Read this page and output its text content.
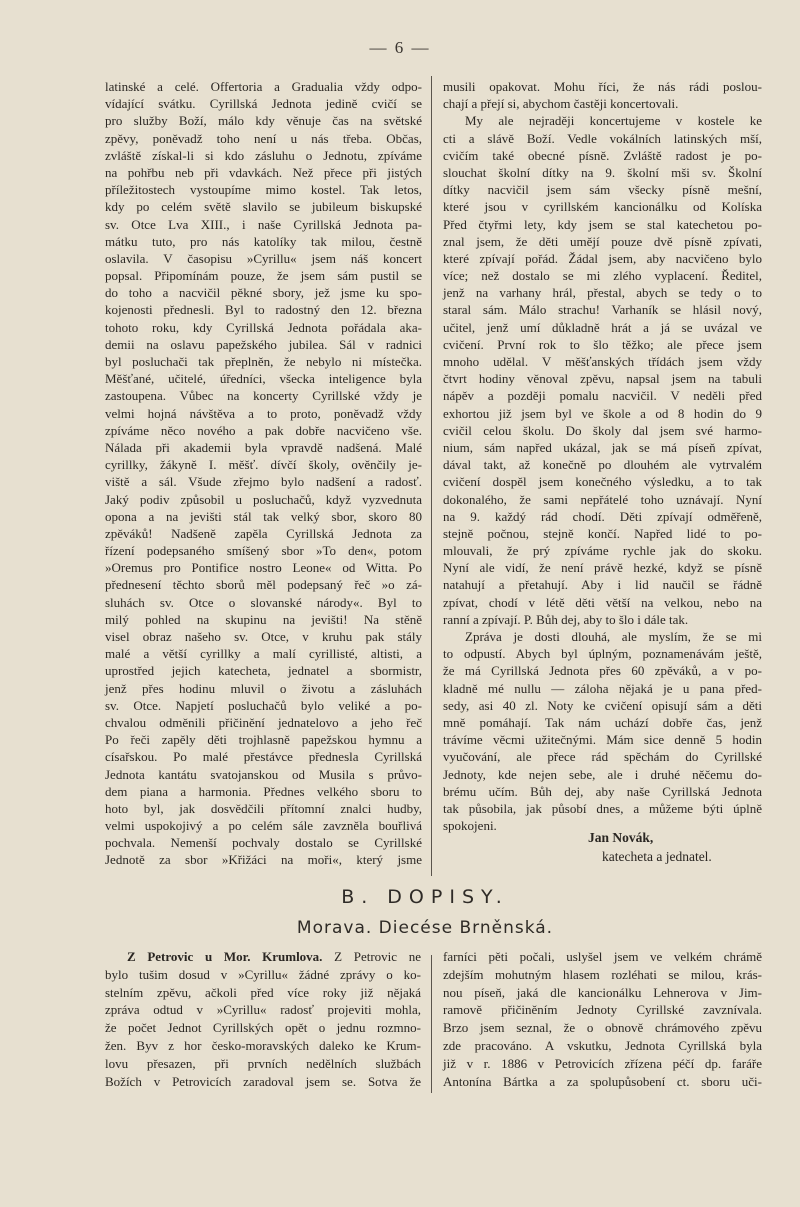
— 6 —
latinské a celé. Offertoria a Gradualia vždy odpo-
vídající svátku. Cyrillská Jednota jedině cvičí se
pro služby Boží, málo kdy věnuje čas na světské
zpěvy, poněvadž toho není u nás třeba. Občas,
zvláště získal-li si kdo zásluhu o Jednotu, zpíváme
na pohřbu neb při vdavkách. Než přece při jistých
příležitostech vystoupíme mimo kostel. Tak letos,
kdy po celém světě slavilo se jubileum biskupské
sv. Otce Lva XIII., i naše Cyrillská Jednota pa-
mátku tuto, pro nás katolíky tak milou, čestně
oslavila. V časopisu »Cyrillu« jsem náš koncert
popsal. Připomínám pouze, že jsem sám pustil se
do toho a nacvičil pěkné sbory, jež jsme ku spo-
kojenosti přednesli. Byl to radostný den 12. března
tohoto roku, kdy Cyrillská Jednota pořádala aka-
demii na oslavu papežského jubilea. Sál v radnici
byl posluchači tak přeplněn, že nebylo ni místečka.
Měšťané, učitelé, úředníci, všecka inteligence byla
zastoupena. Vůbec na koncerty Cyrillské vždy je
velmi hojná návštěva a to proto, poněvadž vždy
zpíváme něco nového a pak dobře nacvičeno vše.
Nálada při akademii byla vpravdě nadšená. Malé
cyrillky, žákyně I. měšť. dívčí školy, ověnčily je-
viště a sál. Všude zřejmo bylo nadšení a radosť.
Jaký podiv způsobil u posluchačů, když vyzvednuta
opona a na jevišti stál tak velký sbor, skoro 80
zpěváků! Nadšeně zapěla Cyrillská Jednota za
řízení podepsaného smíšený sbor »To den«, potom
»Oremus pro Pontifice nostro Leone« od Witta. Po
přednesení těchto sborů měl podepsaný řeč »o zá-
sluhách sv. Otce o slovanské národy«. Byl to
milý pohled na skupinu na jevišti! Na stěně
visel obraz našeho sv. Otce, v kruhu pak stály
malé a větší cyrillky a malí cyrillisté, altisti, a
uprostřed jejich katecheta, jednatel a sbormistr,
jenž přes hodinu mluvil o životu a zásluhách
sv. Otce. Napjetí posluchačů bylo veliké a po-
chvalou odměnili přičinění jednatelovo a jeho řeč
Po řeči zapěly děti trojhlasně papežskou hymnu a
císařskou. Po malé přestávce přednesla Cyrillská
Jednota kantátu svatojanskou od Musila s průvo-
dem piana a harmonia. Přednes velkého sboru to
hoto byl, jak dosvědčili přítomní znalci hudby,
velmi uspokojivý a po celém sále zavzněla bouřlivá
pochvala. Nemenší pochvaly dostalo se Cyrillské
Jednotě za sbor »Křižáci na moři«, který jsme
musili opakovat. Mohu říci, že nás rádi poslou-
chají a přejí si, abychom častěji koncertovali.
My ale nejraději koncertujeme v kostele ke
cti a slávě Boží. Vedle vokálních latinských mší,
cvičím také obecné písně. Zvláště radost je po-
slouchat školní dítky na 9. školní mši sv. Školní
dítky nacvičil jsem sám všecky písně mešní,
které jsou v cyrillském kancionálku od Kolíska
Před čtyřmi lety, kdy jsem se stal katechetou po-
znal jsem, že děti umějí pouze dvě písně zpívati,
které zpívají pořád. Žádal jsem, aby nacvičeno bylo
více; než dostalo se mi zlého vyplacení. Ředitel,
jenž na varhany hrál, přestal, abych se tedy o to
staral sám. Málo strachu! Varhaník se hlásil nový,
učitel, jenž umí důkladně hrát a já se uvázal ve
cvičení. První rok to šlo těžko; ale přece jsem
mnoho udělal. V měšťanských třídách jsem vždy
čtvrt hodiny věnoval zpěvu, napsal jsem na tabuli
nápěv a později pomalu nacvičil. V neděli před
exhortou již jsem byl ve škole a od 8 hodin do 9
cvičil celou školu. Do školy dal jsem své harmo-
nium, sám napřed ukázal, jak se má píseň zpívat,
dával takt, až konečně po dlouhém ale vytrvalém
cvičení dospěl jsem konečného výsledku, a to tak
dokonalého, že sami nepřátelé toho uznávají. Nyní
na 9. každý rád chodí. Děti zpívají odměřeně,
stejně počnou, stejně končí. Napřed lidé to po-
mlouvali, že prý zpíváme rychle jak do skoku.
Nyní ale vidí, že není právě hezké, když se písně
natahují a přetahují. Aby i lid naučil se řádně
zpívat, chodí v létě děti větší na velkou, nebo na
ranní a zpívají. P. Bůh dej, aby to šlo i dále tak.
Zpráva je dosti dlouhá, ale myslím, že se mi
to odpustí. Abych byl úplným, poznamenávám ještě,
že má Cyrillská Jednota přes 60 zpěváků, a v po-
kladně mé nullu — záloha nějaká je u pana před-
sedy, asi 40 zl. Noty ke cvičení opisují sám a děti
mně pomáhají. Tak nám uchází dobře čas, jenž
trávíme věcmi užitečnými. Mám sice denně 5 hodin
vyučování, ale přece rád spěchám do Cyrillské
Jednoty, kde nejen sebe, ale i druhé něčemu do-
brému učím. Bůh dej, aby naše Cyrillská Jednota
tak působila, jak působí dnes, a můžeme býti úplně
spokojeni.
Jan Novák,
katecheta a jednatel.
B. DOPISY.
Morava. Diecése Brněnská.
Z Petrovic u Mor. Krumlova. Z Petrovic ne
bylo tušim dosud v »Cyrillu« žádné zprávy o ko-
stelním zpěvu, ačkoli před více roky již nějaká
zpráva odtud v »Cyrillu« radosť projeviti mohla,
že počet Jednot Cyrillských opět o jednu rozmno-
žen. Byv z hor česko-moravských daleko ke Krum-
lovu přesazen, při prvních nedělních službách
Božích v Petrovicích zaradoval jsem se. Sotva že
farníci pěti počali, uslyšel jsem ve velkém chrámě
zdejším mohutným hlasem rozléhati se milou, krás-
nou píseň, jaká dle kancionálku Lehnerova v Jim-
ramově přičiněním Jednoty Cyrillské zavznívala.
Brzo jsem seznal, že o obnově chrámového zpěvu
zde pracováno. A vskutku, Jednota Cyrillská byla
již v r. 1886 v Petrovicích zřízena péčí dp. faráře
Antonína Bártka a za spolupůsobení ct. sboru uči-
